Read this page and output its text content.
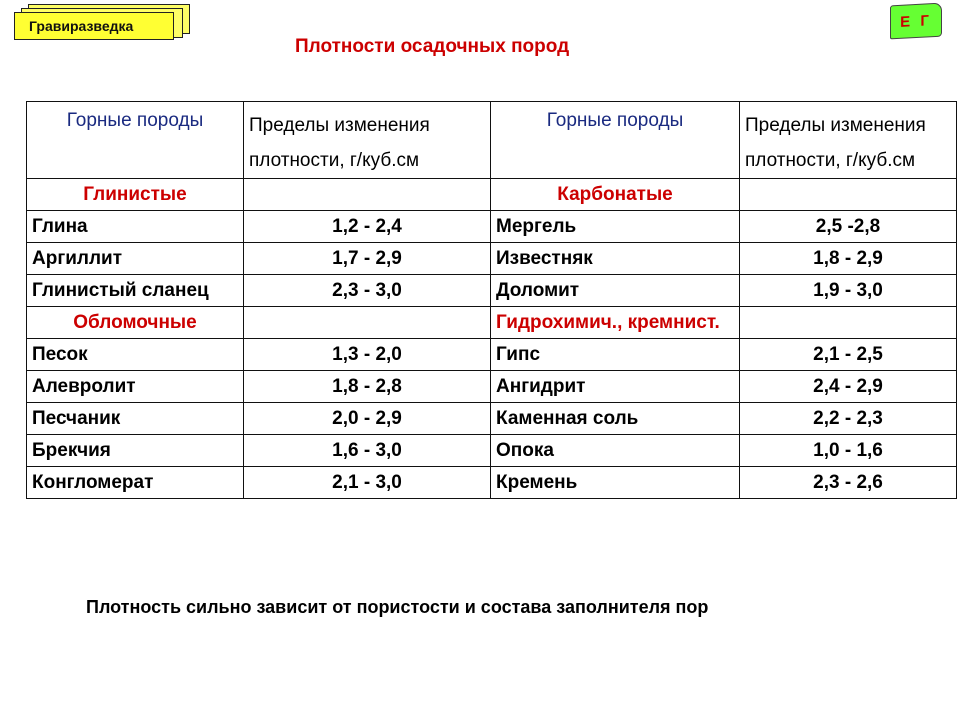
Гравиразведка	Е Г
Плотности осадочных пород
Горные породы	Пределы изменения плотности, г/куб.см	Горные породы	Пределы изменения плотности, г/куб.см
Глинистые		Карбонатые	
Глина	1,2 - 2,4	Мергель	2,5 -2,8
Аргиллит	1,7 - 2,9	Известняк	1,8 - 2,9
Глинистый сланец	2,3 - 3,0	Доломит	1,9 - 3,0
Обломочные		Гидрохимич., кремнист.	
Песок	1,3 - 2,0	Гипс	2,1 - 2,5
Алевролит	1,8 - 2,8	Ангидрит	2,4 - 2,9
Песчаник	2,0 - 2,9	Каменная соль	2,2 - 2,3
Брекчия	1,6 - 3,0	Опока	1,0 - 1,6
Конгломерат	2,1 - 3,0	Кремень	2,3 - 2,6
Плотность сильно зависит от пористости и состава заполнителя пор
